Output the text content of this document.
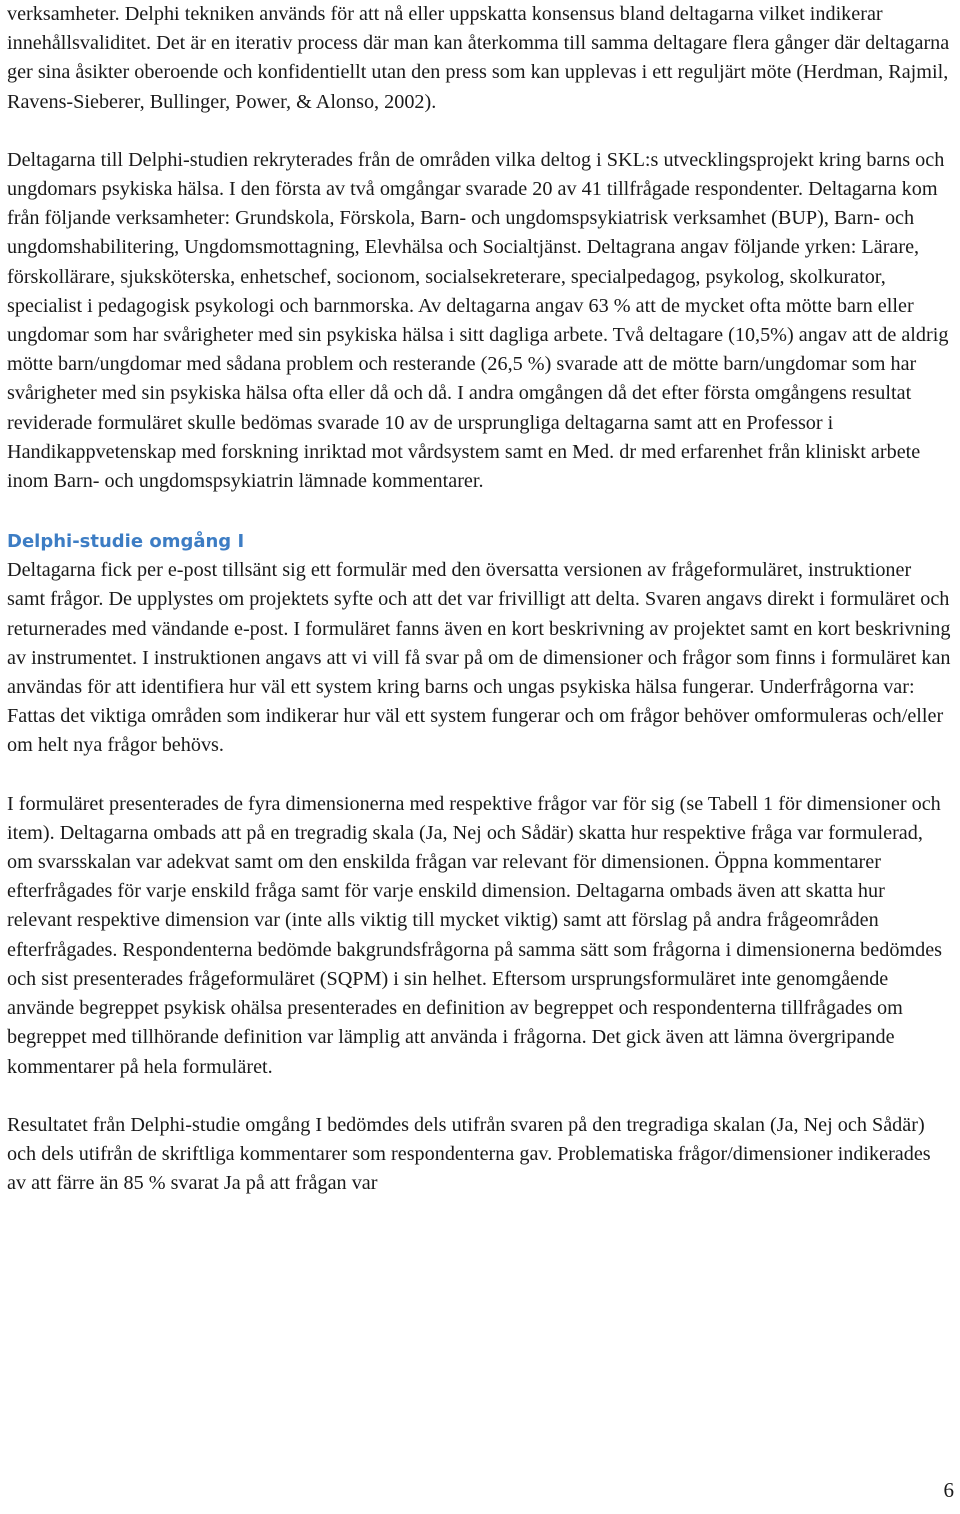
verksamheter. Delphi tekniken används för att nå eller uppskatta konsensus bland deltagarna vilket indikerar innehållsvaliditet. Det är en iterativ process där man kan återkomma till samma deltagare flera gånger där deltagarna ger sina åsikter oberoende och konfidentiellt utan den press som kan upplevas i ett reguljärt möte (Herdman, Rajmil, Ravens-Sieberer, Bullinger, Power, & Alonso, 2002).

Deltagarna till Delphi-studien rekryterades från de områden vilka deltog i SKL:s utvecklingsprojekt kring barns och ungdomars psykiska hälsa. I den första av två omgångar svarade 20 av 41 tillfrågade respondenter. Deltagarna kom från följande verksamheter: Grundskola, Förskola, Barn- och ungdomspsykiatrisk verksamhet (BUP), Barn- och ungdomshabilitering, Ungdomsmottagning, Elevhälsa och Socialtjänst. Deltagrana angav följande yrken: Lärare, förskollärare, sjuksköterska, enhetschef, socionom, socialsekreterare, specialpedagog, psykolog, skolkurator, specialist i pedagogisk psykologi och barnmorska. Av deltagarna angav 63 % att de mycket ofta mötte barn eller ungdomar som har svårigheter med sin psykiska hälsa i sitt dagliga arbete. Två deltagare (10,5%) angav att de aldrig mötte barn/ungdomar med sådana problem och resterande (26,5 %) svarade att de mötte barn/ungdomar som har svårigheter med sin psykiska hälsa ofta eller då och då. I andra omgången då det efter första omgångens resultat reviderade formuläret skulle bedömas svarade 10 av de ursprungliga deltagarna samt att en Professor i Handikappvetenskap med forskning inriktad mot vårdsystem samt en Med. dr med erfarenhet från kliniskt arbete inom Barn- och ungdomspsykiatrin lämnade kommentarer.

Delphi-studie omgång I

Deltagarna fick per e-post tillsänt sig ett formulär med den översatta versionen av frågeformuläret, instruktioner samt frågor. De upplystes om projektets syfte och att det var frivilligt att delta. Svaren angavs direkt i formuläret och returnerades med vändande e-post. I formuläret fanns även en kort beskrivning av projektet samt en kort beskrivning av instrumentet. I instruktionen angavs att vi vill få svar på om de dimensioner och frågor som finns i formuläret kan användas för att identifiera hur väl ett system kring barns och ungas psykiska hälsa fungerar. Underfrågorna var: Fattas det viktiga områden som indikerar hur väl ett system fungerar och om frågor behöver omformuleras och/eller om helt nya frågor behövs.

I formuläret presenterades de fyra dimensionerna med respektive frågor var för sig (se Tabell 1 för dimensioner och item). Deltagarna ombads att på en tregradig skala (Ja, Nej och Sådär) skatta hur respektive fråga var formulerad, om svarsskalan var adekvat samt om den enskilda frågan var relevant för dimensionen. Öppna kommentarer efterfrågades för varje enskild fråga samt för varje enskild dimension. Deltagarna ombads även att skatta hur relevant respektive dimension var (inte alls viktig till mycket viktig) samt att förslag på andra frågeområden efterfrågades. Respondenterna bedömde bakgrundsfrågorna på samma sätt som frågorna i dimensionerna bedömdes och sist presenterades frågeformuläret (SQPM) i sin helhet. Eftersom ursprungsformuläret inte genomgående använde begreppet psykisk ohälsa presenterades en definition av begreppet och respondenterna tillfrågades om begreppet med tillhörande definition var lämplig att använda i frågorna. Det gick även att lämna övergripande kommentarer på hela formuläret.

Resultatet från Delphi-studie omgång I bedömdes dels utifrån svaren på den tregradiga skalan (Ja, Nej och Sådär) och dels utifrån de skriftliga kommentarer som respondenterna gav. Problematiska frågor/dimensioner indikerades av att färre än 85 % svarat Ja på att frågan var

6
